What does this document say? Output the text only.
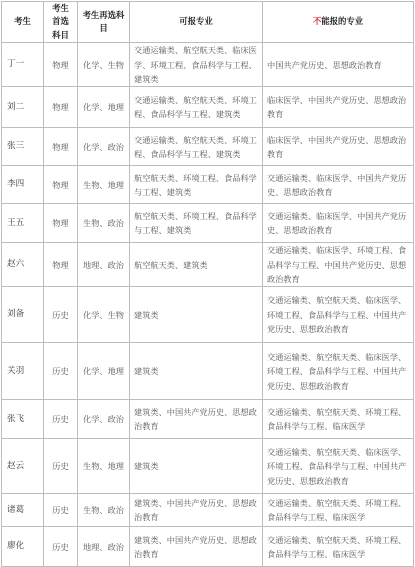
考生	考生首选科目	考生再选科目	可报专业	不能报的专业
丁一	物理	化学、生物	交通运输类、航空航天类、临床医学、环境工程、食品科学与工程、建筑类	中国共产党历史、思想政治教育
刘二	物理	化学、地理	交通运输类、航空航天类、环境工程、食品科学与工程、建筑类	临床医学、中国共产党历史、思想政治教育
张三	物理	化学、政治	交通运输类、航空航天类、环境工程、食品科学与工程、建筑类	临床医学、中国共产党历史、思想政治教育
李四	物理	生物、地理	航空航天类、环境工程、食品科学与工程、建筑类	交通运输类、临床医学、中国共产党历史、思想政治教育
王五	物理	生物、政治	航空航天类、环境工程、食品科学与工程、建筑类	交通运输类、临床医学、中国共产党历史、思想政治教育
赵六	物理	地理、政治	航空航天类、建筑类	交通运输类、临床医学、环境工程、食品科学与工程、中国共产党历史、思想政治教育
刘备	历史	化学、生物	建筑类	交通运输类、航空航天类、临床医学、环境工程、食品科学与工程、中国共产党历史、思想政治教育
关羽	历史	化学、地理	建筑类	交通运输类、航空航天类、临床医学、环境工程、食品科学与工程、中国共产党历史、思想政治教育
张飞	历史	化学、政治	建筑类、中国共产党历史、思想政治教育	交通运输类、航空航天类、环境工程、食品科学与工程、临床医学
赵云	历史	生物、地理	建筑类	交通运输类、航空航天类、临床医学、环境工程、食品科学与工程、中国共产党历史、思想政治教育
诸葛	历史	生物、政治	建筑类、中国共产党历史、思想政治教育	交通运输类、航空航天类、环境工程、食品科学与工程、临床医学
廖化	历史	地理、政治	建筑类、中国共产党历史、思想政治教育	交通运输类、航空航天类、环境工程、食品科学与工程、临床医学
